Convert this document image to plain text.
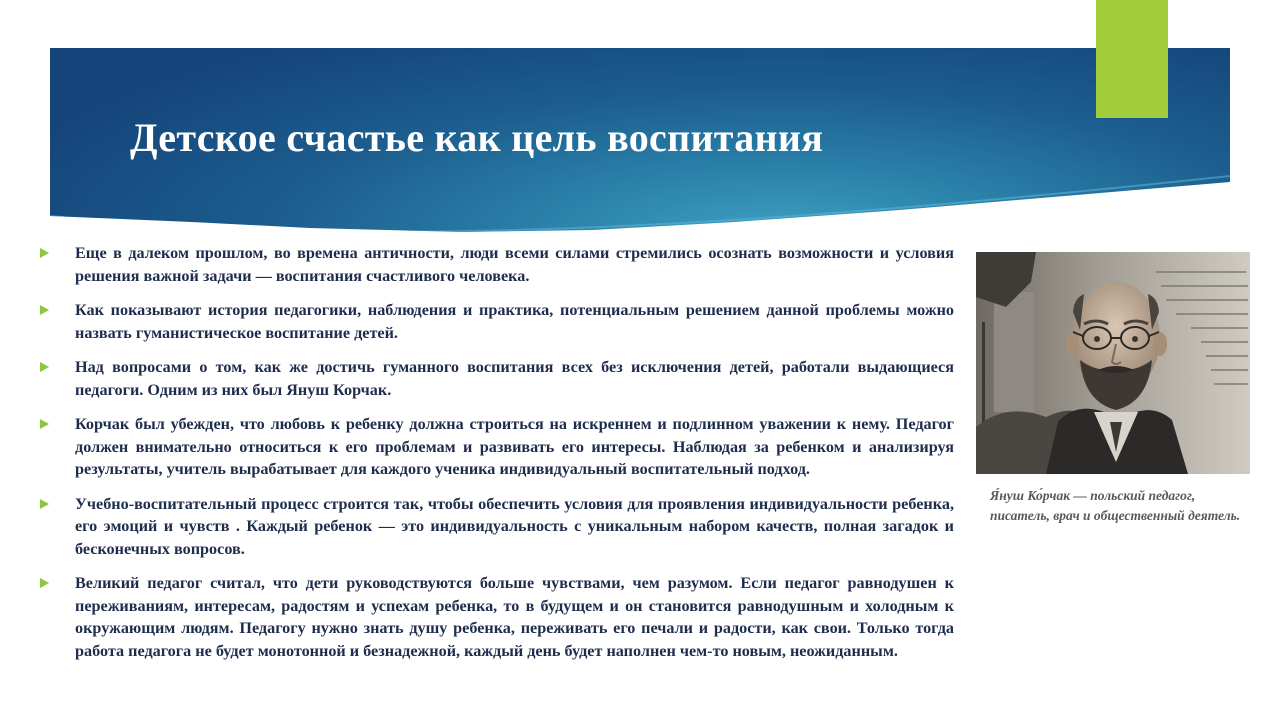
Детское счастье как цель воспитания
Еще в далеком прошлом, во времена античности, люди всеми силами стремились осознать возможности и условия решения важной задачи — воспитания счастливого человека.
Как показывают история педагогики, наблюдения и практика, потенциальным решением данной проблемы можно назвать гуманистическое воспитание детей.
Над вопросами о том, как же достичь гуманного воспитания всех без исключения детей, работали выдающиеся педагоги. Одним из них был Януш Корчак.
Корчак был убежден, что любовь к ребенку должна строиться на искреннем и подлинном уважении к нему. Педагог должен внимательно относиться к его проблемам и развивать его интересы. Наблюдая за ребенком и анализируя результаты, учитель вырабатывает для каждого ученика индивидуальный воспитательный подход.
Учебно-воспитательный процесс строится так, чтобы обеспечить условия для проявления индивидуальности ребенка, его эмоций и чувств . Каждый ребенок — это индивидуальность с уникальным набором качеств, полная загадок и бесконечных вопросов.
Великий педагог считал, что дети руководствуются больше чувствами, чем разумом. Если педагог равнодушен к переживаниям, интересам, радостям и успехам ребенка, то в будущем и он становится равнодушным и холодным к окружающим людям. Педагогу нужно знать душу ребенка, переживать его печали и радости, как свои. Только тогда работа педагога не будет монотонной и безнадежной, каждый день будет наполнен чем-то новым, неожиданным.

Я́нуш Ко́рчак — польский педагог, писатель, врач и общественный деятель.
